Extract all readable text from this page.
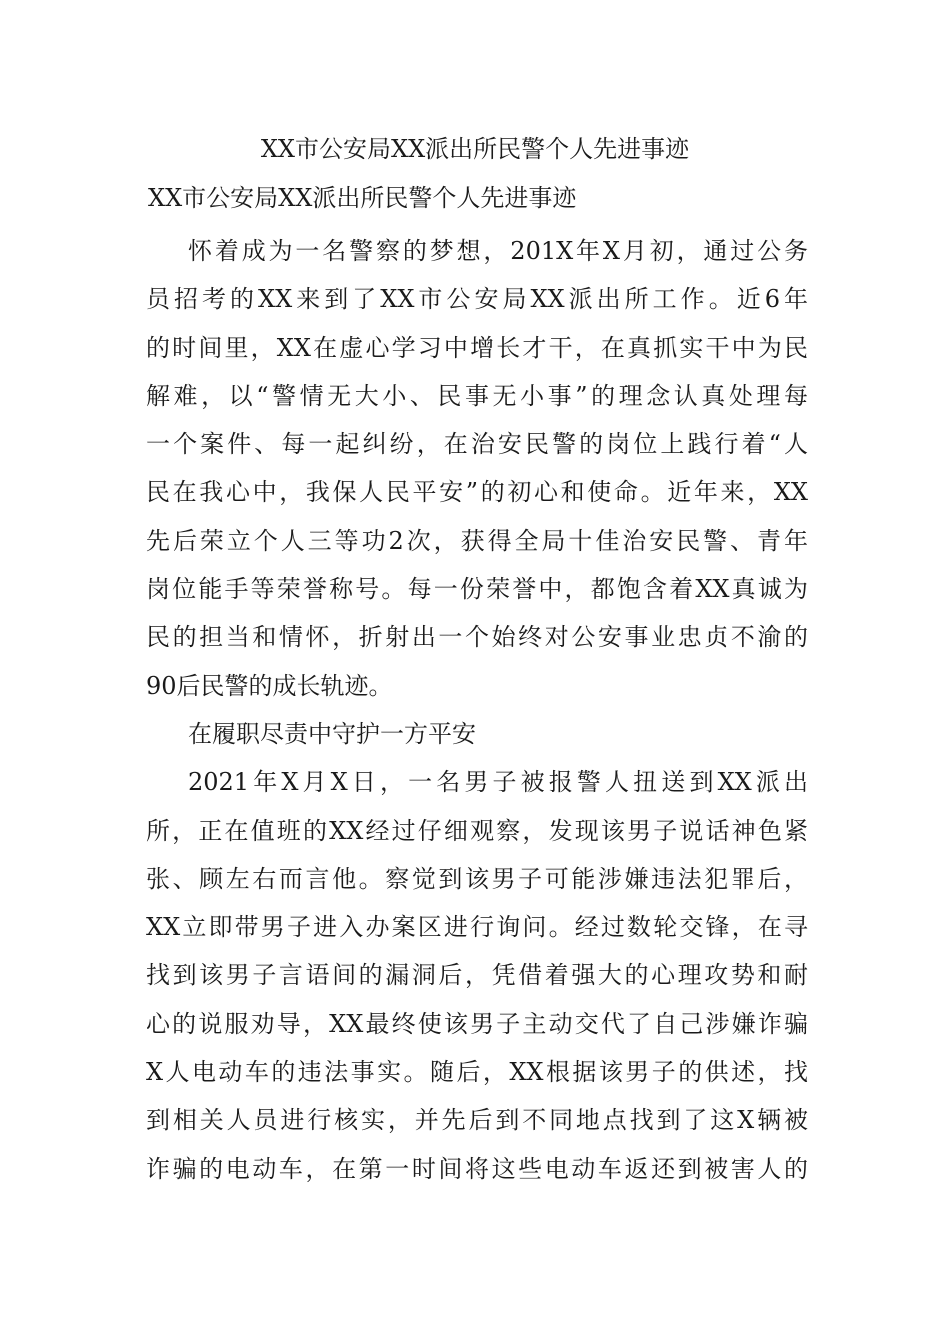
XX市公安局XX派出所民警个人先进事迹
XX市公安局XX派出所民警个人先进事迹
怀着成为一名警察的梦想，201X年X月初，通过公务
员招考的XX来到了XX市公安局XX派出所工作。近6年
的时间里，XX在虚心学习中增长才干，在真抓实干中为民
解难，以“警情无大小、民事无小事”的理念认真处理每
一个案件、每一起纠纷，在治安民警的岗位上践行着“人
民在我心中，我保人民平安”的初心和使命。近年来，XX
先后荣立个人三等功2次，获得全局十佳治安民警、青年
岗位能手等荣誉称号。每一份荣誉中，都饱含着XX真诚为
民的担当和情怀，折射出一个始终对公安事业忠贞不渝的
90后民警的成长轨迹。
在履职尽责中守护一方平安
2021年X月X日，一名男子被报警人扭送到XX派出
所，正在值班的XX经过仔细观察，发现该男子说话神色紧
张、顾左右而言他。察觉到该男子可能涉嫌违法犯罪后，
XX立即带男子进入办案区进行询问。经过数轮交锋，在寻
找到该男子言语间的漏洞后，凭借着强大的心理攻势和耐
心的说服劝导，XX最终使该男子主动交代了自己涉嫌诈骗
X人电动车的违法事实。随后，XX根据该男子的供述，找
到相关人员进行核实，并先后到不同地点找到了这X辆被
诈骗的电动车，在第一时间将这些电动车返还到被害人的
